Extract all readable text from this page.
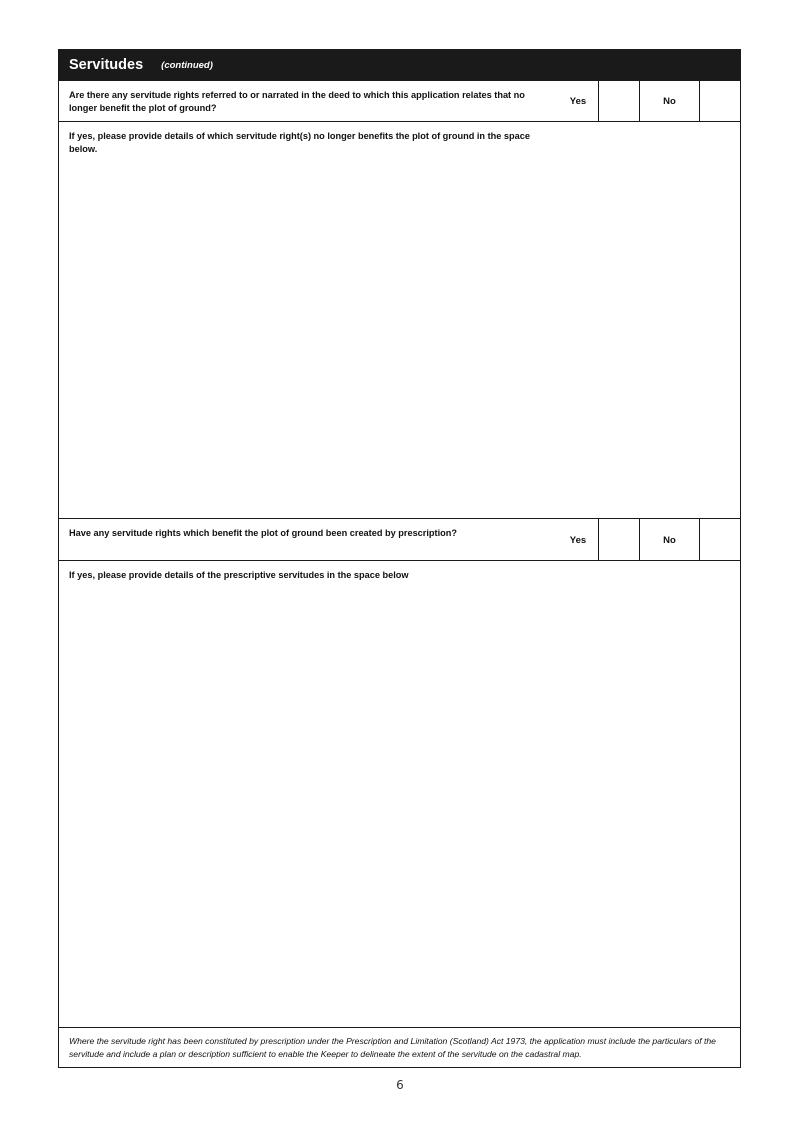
Servitudes (continued)
Are there any servitude rights referred to or narrated in the deed to which this application relates that no longer benefit the plot of ground?
Yes	No
If yes, please provide details of which servitude right(s) no longer benefits the plot of ground in the space below.
Have any servitude rights which benefit the plot of ground been created by prescription?
Yes	No
If yes, please provide details of the prescriptive servitudes in the space below
Where the servitude right has been constituted by prescription under the Prescription and Limitation (Scotland) Act 1973, the application must include the particulars of the servitude and include a plan or description sufficient to enable the Keeper to delineate the extent of the servitude on the cadastral map.
6
